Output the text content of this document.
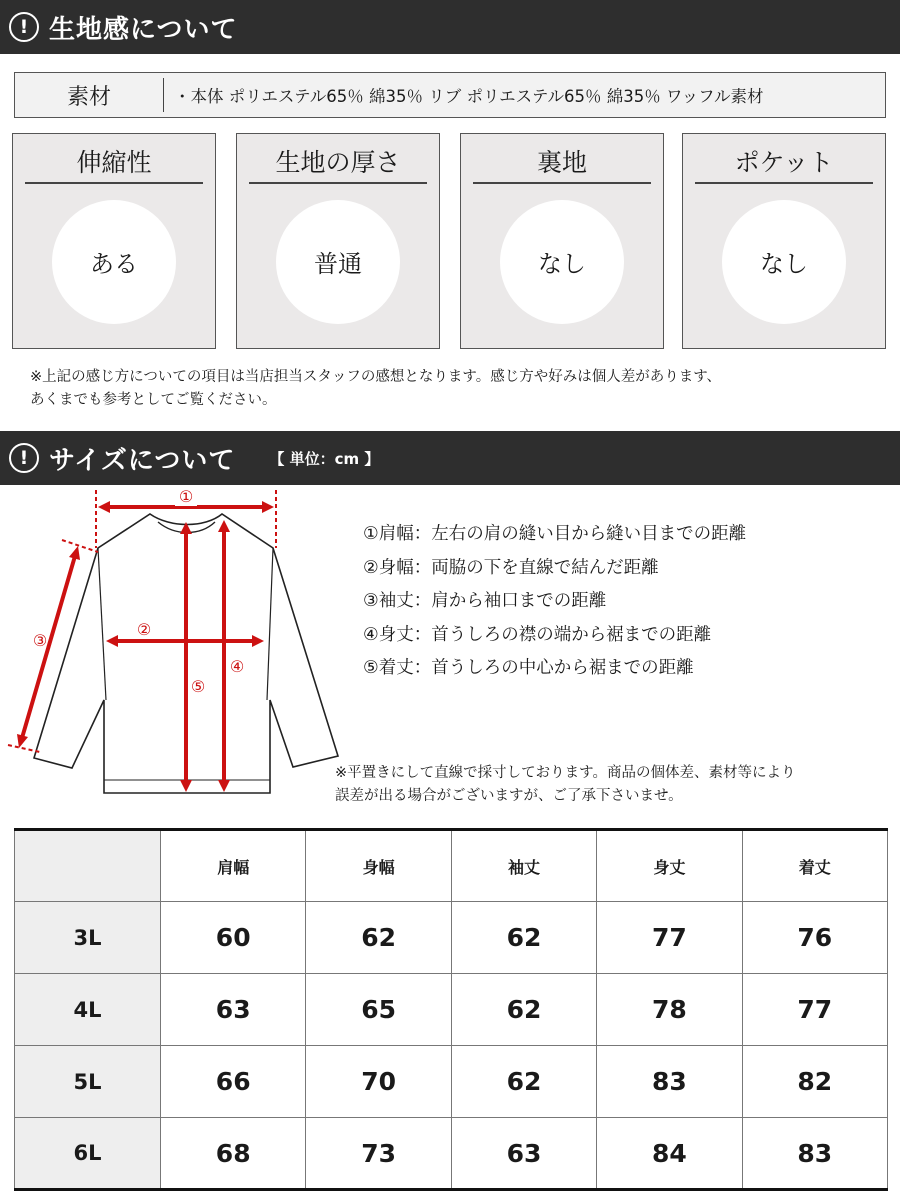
! 生地感について
素材	・本体 ポリエステル65％ 綿35％ リブ ポリエステル65％ 綿35％ ワッフル素材
伸縮性
ある
生地の厚さ
普通
裏地
なし
ポケット
なし
※上記の感じ方についての項目は当店担当スタッフの感想となります。感じ方や好みは個人差があります、
あくまでも参考としてご覧ください。
! サイズについて 【 単位：cm 】
①
②
③
④
⑤
①肩幅：左右の肩の縫い目から縫い目までの距離
②身幅：両脇の下を直線で結んだ距離
③袖丈：肩から袖口までの距離
④身丈：首うしろの襟の端から裾までの距離
⑤着丈：首うしろの中心から裾までの距離
※平置きにして直線で採寸しております。商品の個体差、素材等により
誤差が出る場合がございますが、ご了承下さいませ。
	肩幅	身幅	袖丈	身丈	着丈
3L	60	62	62	77	76
4L	63	65	62	78	77
5L	66	70	62	83	82
6L	68	73	63	84	83
